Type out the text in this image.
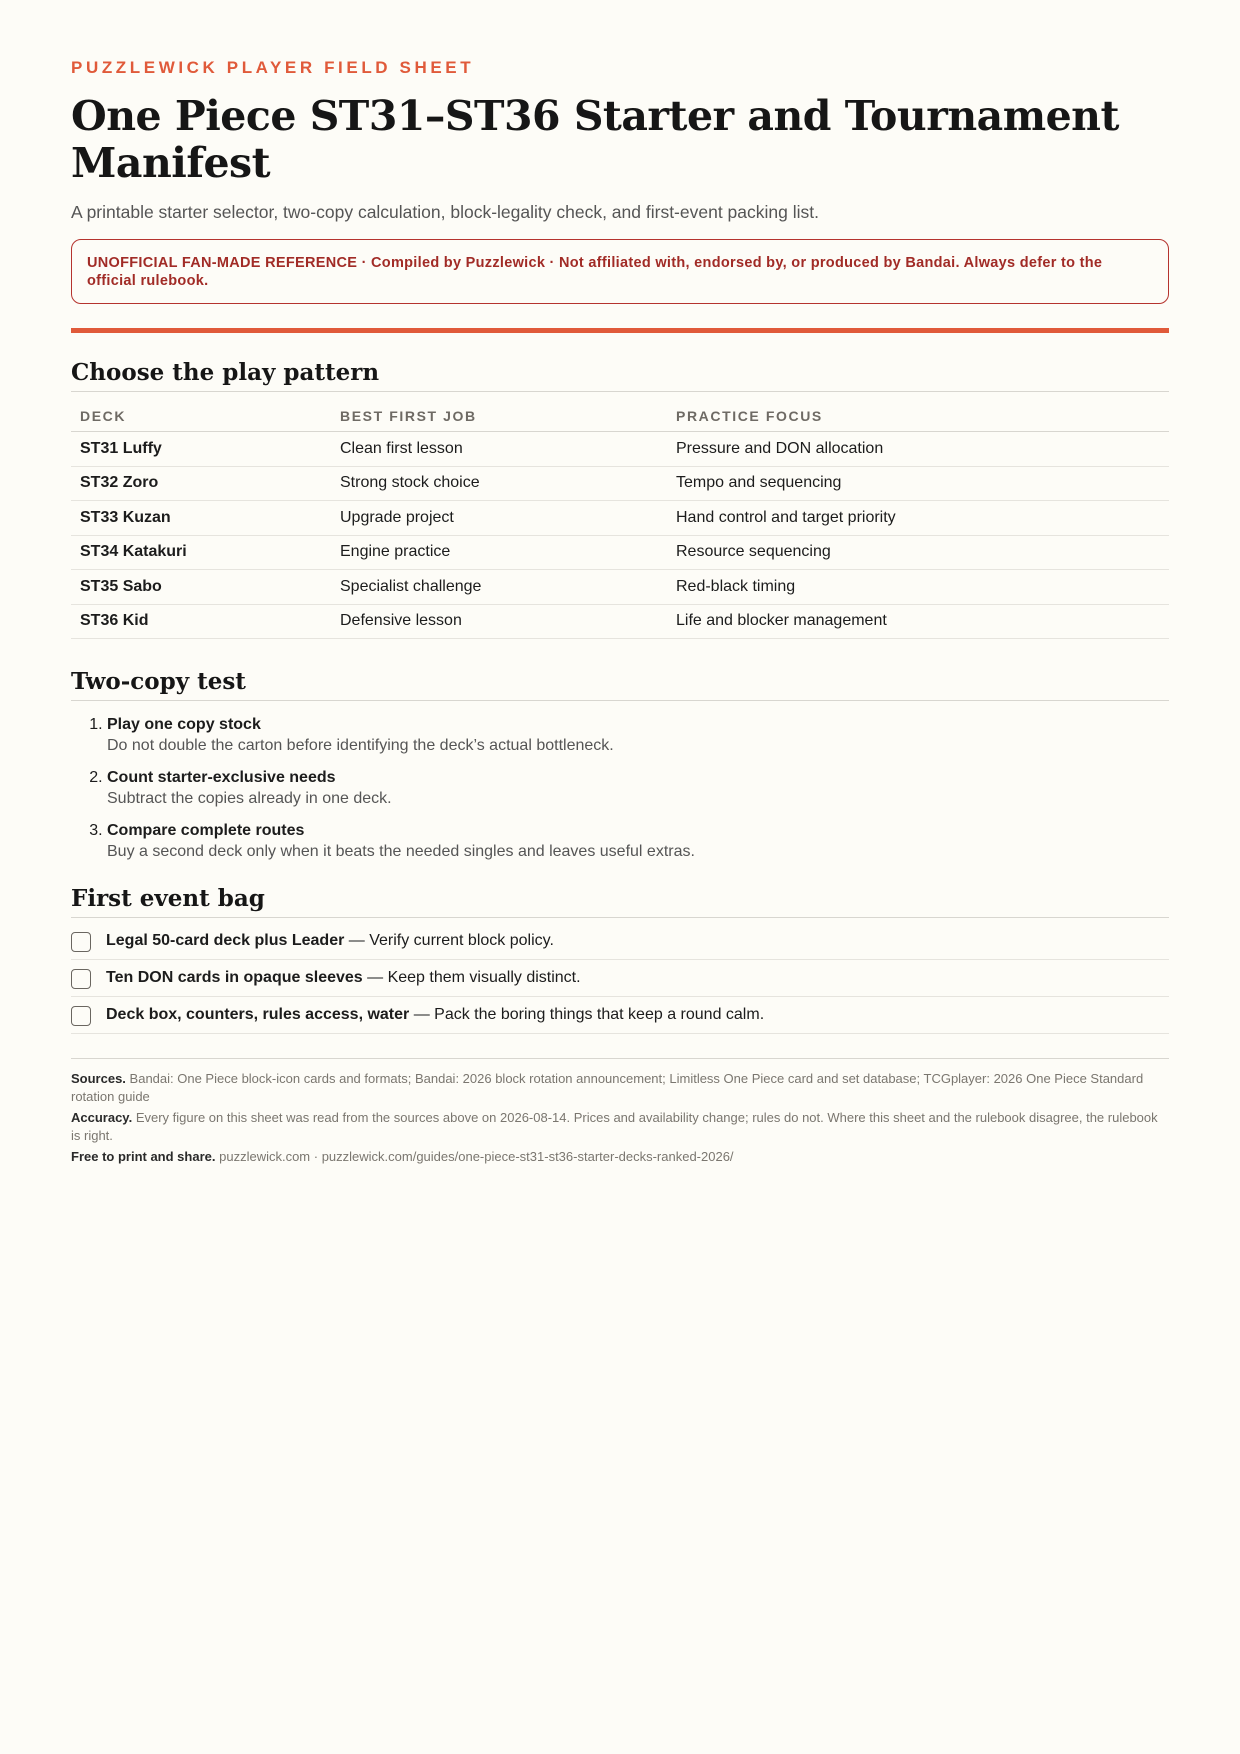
PUZZLEWICK PLAYER FIELD SHEET
One Piece ST31–ST36 Starter and Tournament Manifest

A printable starter selector, two-copy calculation, block-legality check, and first-event packing list.

UNOFFICIAL FAN-MADE REFERENCE · Compiled by Puzzlewick · Not affiliated with, endorsed by, or produced by Bandai. Always defer to the official rulebook.
Choose the play pattern
DECK	BEST FIRST JOB	PRACTICE FOCUS
ST31 Luffy	Clean first lesson	Pressure and DON allocation
ST32 Zoro	Strong stock choice	Tempo and sequencing
ST33 Kuzan	Upgrade project	Hand control and target priority
ST34 Katakuri	Engine practice	Resource sequencing
ST35 Sabo	Specialist challenge	Red-black timing
ST36 Kid	Defensive lesson	Life and blocker management
Two-copy test
1. Play one copy stock
Do not double the carton before identifying the deck’s actual bottleneck.
2. Count starter-exclusive needs
Subtract the copies already in one deck.
3. Compare complete routes
Buy a second deck only when it beats the needed singles and leaves useful extras.
First event bag
Legal 50-card deck plus Leader — Verify current block policy.
Ten DON cards in opaque sleeves — Keep them visually distinct.
Deck box, counters, rules access, water — Pack the boring things that keep a round calm.

Sources. Bandai: One Piece block-icon cards and formats; Bandai: 2026 block rotation announcement; Limitless One Piece card and set database; TCGplayer: 2026 One Piece Standard rotation guide

Accuracy. Every figure on this sheet was read from the sources above on 2026-08-14. Prices and availability change; rules do not. Where this sheet and the rulebook disagree, the rulebook is right.

Free to print and share. puzzlewick.com · puzzlewick.com/guides/one-piece-st31-st36-starter-decks-ranked-2026/
